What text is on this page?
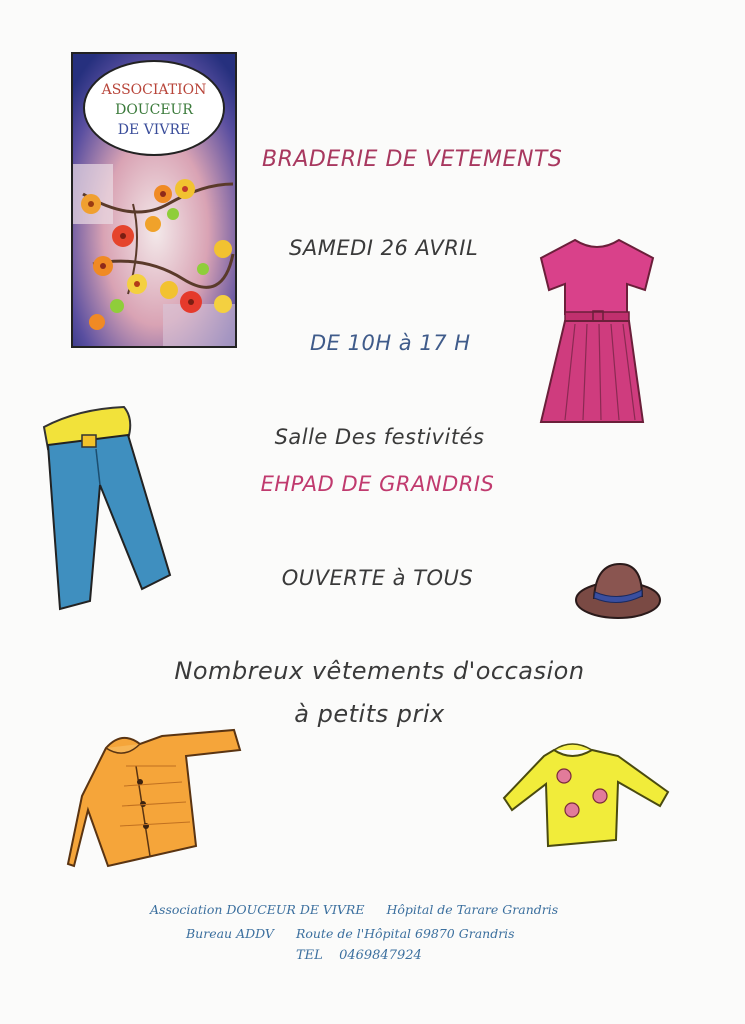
ASSOCIATION
DOUCEUR
DE VIVRE
BRADERIE DE VETEMENTS
SAMEDI 26 AVRIL
DE 10H à 17 H
Salle Des festivités
EHPAD DE GRANDRIS
OUVERTE à TOUS
Nombreux vêtements d'occasion
à petits prix
Association DOUCEUR DE VIVRE Hôpital de Tarare Grandris
Bureau ADDV Route de l'Hôpital 69870 Grandris
TEL 0469847924
